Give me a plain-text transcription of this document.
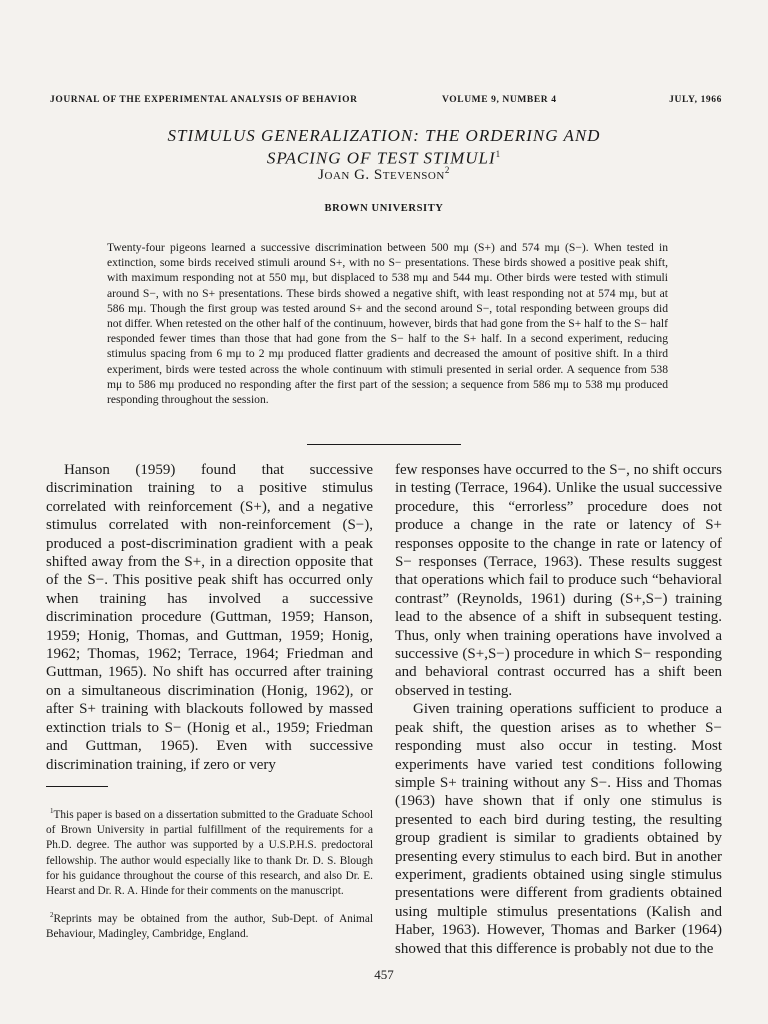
JOURNAL OF THE EXPERIMENTAL ANALYSIS OF BEHAVIOR	VOLUME 9, NUMBER 4	JULY, 1966
STIMULUS GENERALIZATION: THE ORDERING AND
SPACING OF TEST STIMULI$^1$
Joan G. Stevenson$^2$
BROWN UNIVERSITY

Twenty-four pigeons learned a successive discrimination between 500 mμ (S+) and 574 mμ (S−). When tested in extinction, some birds received stimuli around S+, with no S− presentations. These birds showed a positive peak shift, with maximum responding not at 550 mμ, but displaced to 538 mμ and 544 mμ. Other birds were tested with stimuli around S−, with no S+ presentations. These birds showed a negative shift, with least responding not at 574 mμ, but at 586 mμ. Though the first group was tested around S+ and the second around S−, total responding between groups did not differ. When retested on the other half of the continuum, however, birds that had gone from the S+ half to the S− half responded fewer times than those that had gone from the S− half to the S+ half. In a second experiment, reducing stimulus spacing from 6 mμ to 2 mμ produced flatter gradients and decreased the amount of positive shift. In a third experiment, birds were tested across the whole continuum with stimuli presented in serial order. A sequence from 538 mμ to 586 mμ produced no responding after the first part of the session; a sequence from 586 mμ to 538 mμ produced responding throughout the session.

Hanson (1959) found that successive discrimination training to a positive stimulus correlated with reinforcement (S+), and a negative stimulus correlated with non-reinforcement (S−), produced a post-discrimination gradient with a peak shifted away from the S+, in a direction opposite that of the S−. This positive peak shift has occurred only when training has involved a successive discrimination procedure (Guttman, 1959; Hanson, 1959; Honig, Thomas, and Guttman, 1959; Honig, 1962; Thomas, 1962; Terrace, 1964; Friedman and Guttman, 1965). No shift has occurred after training on a simultaneous discrimination (Honig, 1962), or after S+ training with blackouts followed by massed extinction trials to S− (Honig et al., 1959; Friedman and Guttman, 1965). Even with successive discrimination training, if zero or very

few responses have occurred to the S−, no shift occurs in testing (Terrace, 1964). Unlike the usual successive procedure, this “errorless” procedure does not produce a change in the rate or latency of S+ responses opposite to the change in rate or latency of S− responses (Terrace, 1963). These results suggest that operations which fail to produce such “behavioral contrast” (Reynolds, 1961) during (S+,S−) training lead to the absence of a shift in subsequent testing. Thus, only when training operations have involved a successive (S+,S−) procedure in which S− responding and behavioral contrast occurred has a shift been observed in testing.

Given training operations sufficient to produce a peak shift, the question arises as to whether S− responding must also occur in testing. Most experiments have varied test conditions following simple S+ training without any S−. Hiss and Thomas (1963) have shown that if only one stimulus is presented to each bird during testing, the resulting group gradient is similar to gradients obtained by presenting every stimulus to each bird. But in another experiment, gradients obtained using single stimulus presentations were different from gradients obtained using multiple stimulus presentations (Kalish and Haber, 1963). However, Thomas and Barker (1964) showed that this difference is probably not due to the

$^1$This paper is based on a dissertation submitted to the Graduate School of Brown University in partial fulfillment of the requirements for a Ph.D. degree. The author was supported by a U.S.P.H.S. predoctoral fellowship. The author would especially like to thank Dr. D. S. Blough for his guidance throughout the course of this research, and also Dr. E. Hearst and Dr. R. A. Hinde for their comments on the manuscript.

$^2$Reprints may be obtained from the author, Sub-Dept. of Animal Behaviour, Madingley, Cambridge, England.

457
